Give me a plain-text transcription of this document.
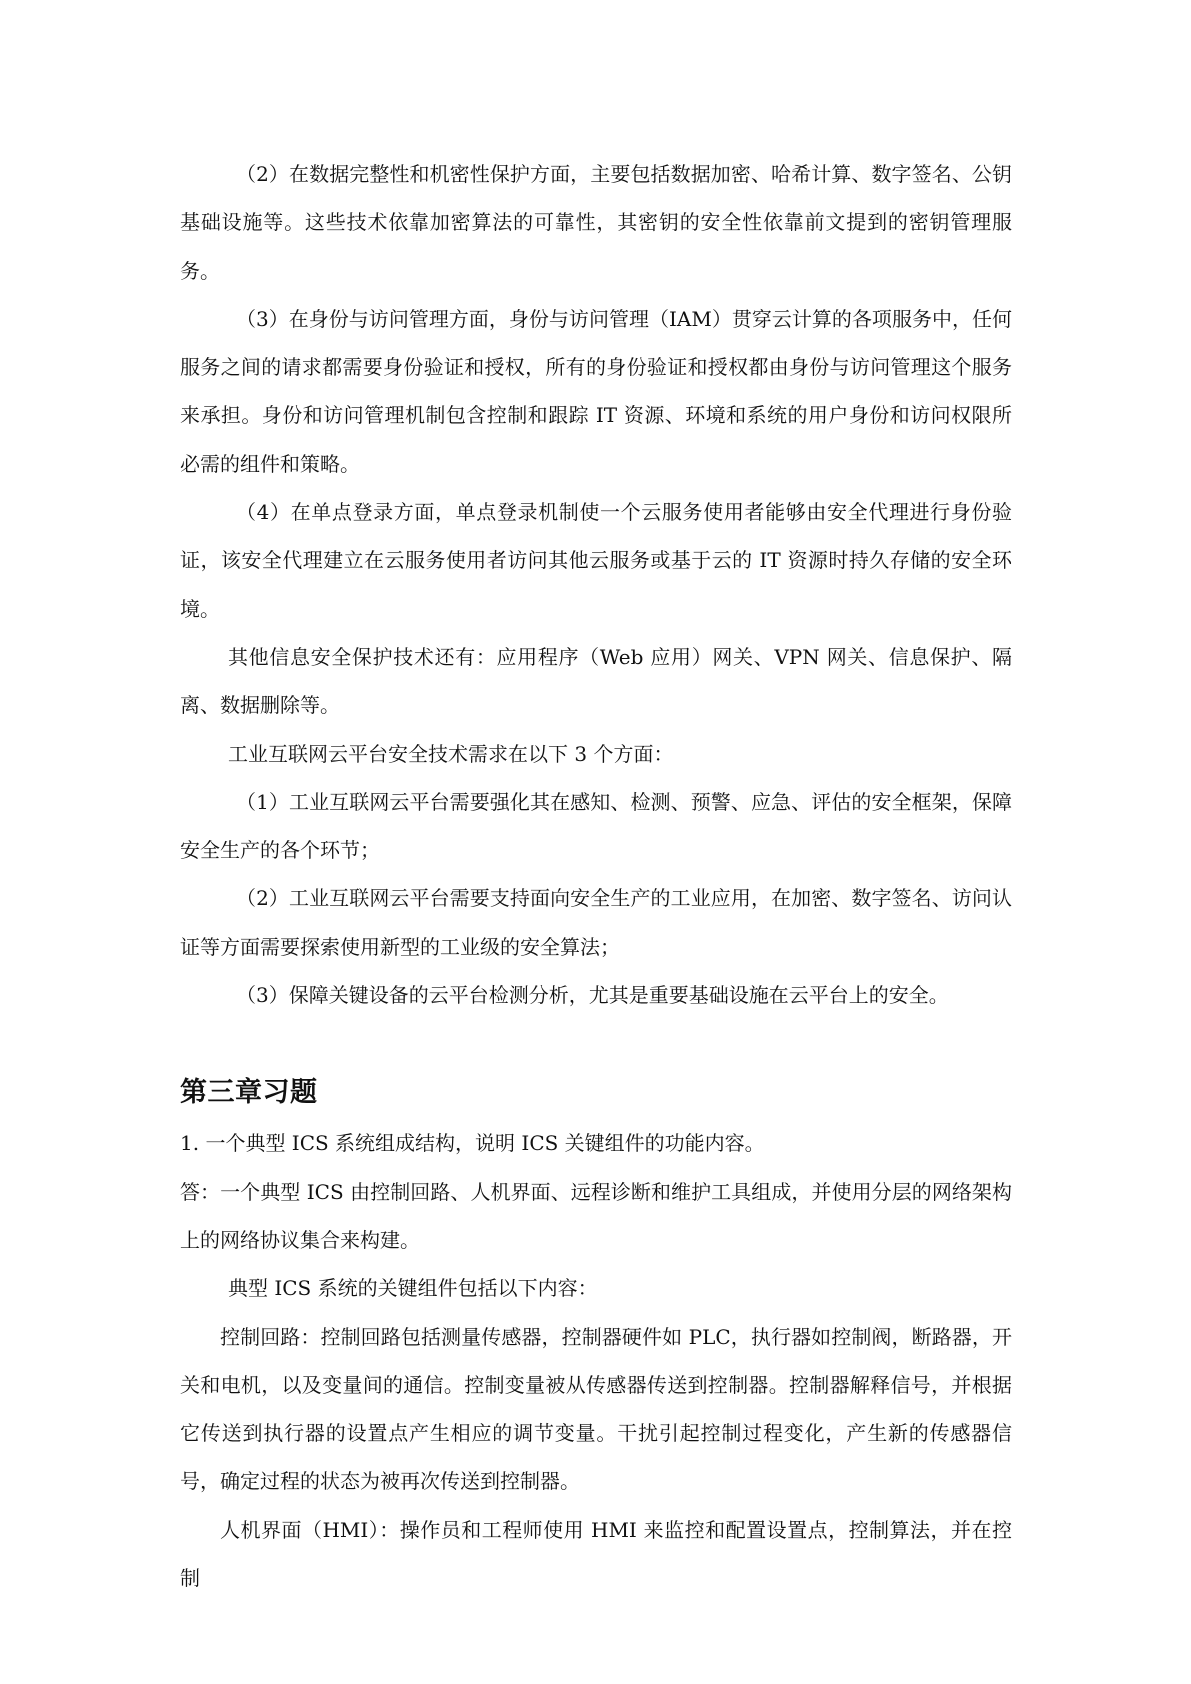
（2）在数据完整性和机密性保护方面，主要包括数据加密、哈希计算、数字签名、公钥基础设施等。这些技术依靠加密算法的可靠性，其密钥的安全性依靠前文提到的密钥管理服务。

（3）在身份与访问管理方面，身份与访问管理（IAM）贯穿云计算的各项服务中，任何服务之间的请求都需要身份验证和授权，所有的身份验证和授权都由身份与访问管理这个服务来承担。身份和访问管理机制包含控制和跟踪 IT 资源、环境和系统的用户身份和访问权限所必需的组件和策略。

（4）在单点登录方面，单点登录机制使一个云服务使用者能够由安全代理进行身份验证，该安全代理建立在云服务使用者访问其他云服务或基于云的 IT 资源时持久存储的安全环境。

其他信息安全保护技术还有：应用程序（Web 应用）网关、VPN 网关、信息保护、隔离、数据删除等。

工业互联网云平台安全技术需求在以下 3 个方面：

（1）工业互联网云平台需要强化其在感知、检测、预警、应急、评估的安全框架，保障安全生产的各个环节；

（2）工业互联网云平台需要支持面向安全生产的工业应用，在加密、数字签名、访问认证等方面需要探索使用新型的工业级的安全算法；

（3）保障关键设备的云平台检测分析，尤其是重要基础设施在云平台上的安全。

第三章习题

1. 一个典型 ICS 系统组成结构，说明 ICS 关键组件的功能内容。

答：一个典型 ICS 由控制回路、人机界面、远程诊断和维护工具组成，并使用分层的网络架构上的网络协议集合来构建。

典型 ICS 系统的关键组件包括以下内容：

控制回路：控制回路包括测量传感器，控制器硬件如 PLC，执行器如控制阀，断路器，开关和电机，以及变量间的通信。控制变量被从传感器传送到控制器。控制器解释信号，并根据它传送到执行器的设置点产生相应的调节变量。干扰引起控制过程变化，产生新的传感器信号，确定过程的状态为被再次传送到控制器。

人机界面（HMI）：操作员和工程师使用 HMI 来监控和配置设置点，控制算法，并在控制
